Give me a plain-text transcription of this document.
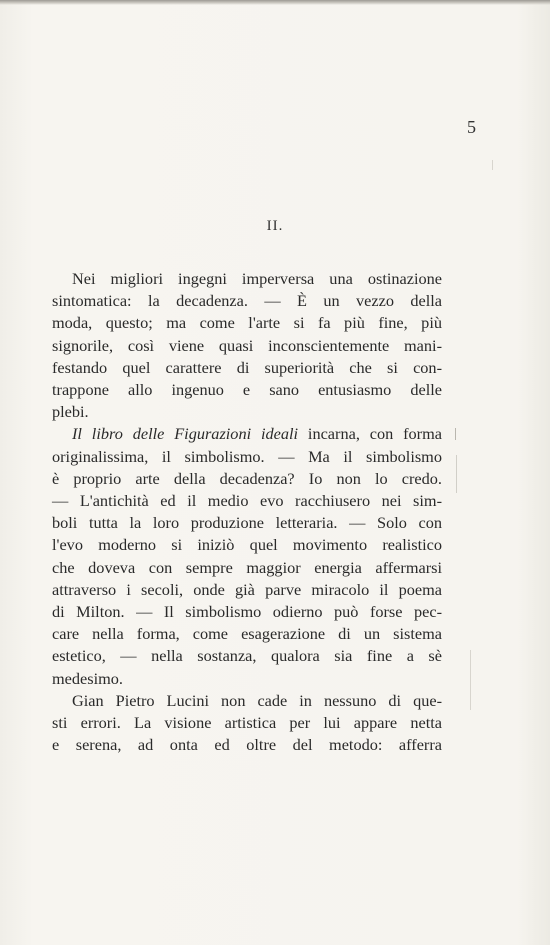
5
II.
Nei migliori ingegni imperversa una ostinazione
sintomatica: la decadenza. — È un vezzo della
moda, questo; ma come l'arte si fa più fine, più
signorile, così viene quasi inconscientemente mani-
festando quel carattere di superiorità che si con-
trappone allo ingenuo e sano entusiasmo delle
plebi.
Il libro delle Figurazioni ideali incarna, con forma
originalissima, il simbolismo. — Ma il simbolismo
è proprio arte della decadenza? Io non lo credo.
— L'antichità ed il medio evo racchiusero nei sim-
boli tutta la loro produzione letteraria. — Solo con
l'evo moderno si iniziò quel movimento realistico
che doveva con sempre maggior energia affermarsi
attraverso i secoli, onde già parve miracolo il poema
di Milton. — Il simbolismo odierno può forse pec-
care nella forma, come esagerazione di un sistema
estetico, — nella sostanza, qualora sia fine a sè
medesimo.
Gian Pietro Lucini non cade in nessuno di que-
sti errori. La visione artistica per lui appare netta
e serena, ad onta ed oltre del metodo: afferra
